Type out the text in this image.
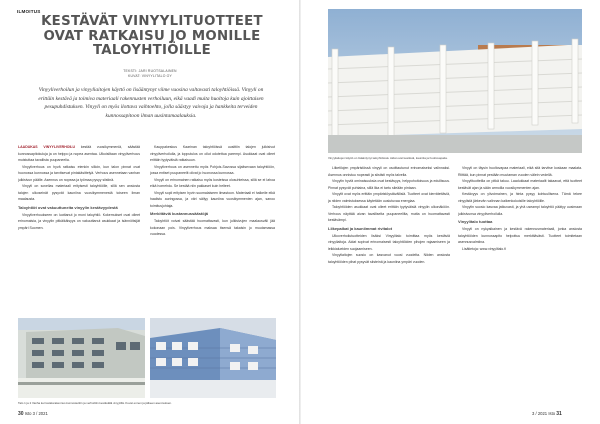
ILMOITUS
KESTÄVÄT VINYYLITUOTTEET OVAT RATKAISU JO MONILLE TALOYHTIÖILLE
TEKSTI: JARI RUOTSALAINEN
KUVAT: VINYYLITALO OY
Vinyyliverhoilun ja vinyyliaitojen käyttö on lisääntynyt viime vuosina valtavasti taloyhtiöissä. Vinyyli on erittäin kestävä ja toimiva materiaali rakennusten verhoiluun, eikä vaadi muita huoltoja kuin ajoittaisen pesupuhdistuksen. Vinyyli on myös ilottava vaihtoehto, jolla säästyy vaivoja ja hankkeita terveiden kunnossapitoon ilman uusintamaalauksia.

LAADUKAS VINYYLIVERHOILU kestää vuosikymmeniä, säästää kunnossapitokuluja ja on helppo ja nopea asentaa. Ulkoisiltaan vinyyliverhous muistuttaa tavallista puupaneelia.

Vinyyliverhous on hyvä ratkaisu etenkin silloin, kun talon pinnat ovat huonossa kunnossa ja tarvitsevat pintakäsittelyä. Verhous asennetaan vanhan julkisivun päälle. Asennus on nopeaa ja työmaa pysyy siistinä.

Vinyyli on sovelias materiaali erityisesti taloyhtiöille, sillä sen ansiosta talojen ulkoseinät pysyvät kauniina vuosikymmenestä toiseen ilman maalausta.

Taloyhtiöt ovat vakuuttuneita vinyylin kestävyydestä

Vinyyliverhoukseen on luottanut jo moni taloyhtiö. Kokemukset ovat olleet erinomaisia, ja vinyylin pitkäikäisyys on vakuuttanut asukkaat ja isännöitsijät ympäri Suomen.

Kauppakeskus Kaarinan taloyhtiöissä uusittiin talojen julkisivut vinyyliverhoilulla, ja lopputulos on ollut odotettua parempi. Asukkaat ovat olleet erittäin tyytyväisiä ratkaisuun.

Vinyyliverhous on asennettu myös Pohjois-Savossa sijaitsevaan taloyhtiöön, jossa entiset puupaneelit olivat jo huonossa kunnossa.

Vinyyli on erinomainen ratkaisu myös kosteissa olosuhteissa, sillä se ei lahoa eikä homehdu. Se kestää niin pakkaset kuin helteet.

Vinyyli sopii erityisen hyvin suomalaiseen ilmastoon. Materiaali ei halkeile eikä haalistu auringossa, ja väri säilyy kauniina vuosikymmenien ajan, sanoo toimitusjohtaja.

Merkittäviä kustannussäästöjä

Taloyhtiöt voivat säästää huomattavasti, kun julkisivujen maalausväli jää kokonaan pois. Vinyyliverhous maksaa itsensä takaisin jo muutamassa vuodessa.

Talo 1 ja 2 Vanha kerrostalorakennus kunnostettiin ja verhoiltiin kestävällä vinyylillä. Kuvat ennen ja jälkeen asennuksen.
30 Isto 3 / 2021
Vinyyliaitojen käyttö on lisääntynyt taloyhtiöissä. Aidat ovat kestäviä, kauniita ja huoltovapaita.

Liiketilojen ympäristössä vinyyli on osoittautunut erinomaiseksi valinnaksi. Asennus onnistuu nopeasti ja siististi myös talvella.

Vinyylin hyviä ominaisuuksia ovat kestävyys, helppohoitoisuus ja edullisuus. Pinnat pysyvät puhtaina, sillä lika ei tartu sileään pintaan.

Vinyylit ovat myös erittäin ympäristöystävällisiä. Tuotteet ovat kierrätettäviä, ja niiden valmistuksessa käytetään uusiutuvaa energiaa.

Taloyhtiöiden asukkaat ovat olleet erittäin tyytyväisiä vinyylin ulkonäköön. Verhous näyttää aivan tavalliselta puupaneelilta, mutta on huomattavasti kestävämpi.

Liikepaikat ja kauniimmat rivitalot

Ulkoverhoilutuotteiden lisäksi Vinyylitalo toimittaa myös kestäviä vinyyliaitoja. Aidat sopivat erinomaisesti taloyhtiöiden pihojen rajaamiseen ja leikkialueiden suojaamiseen.

Vinyyliaitojen suosio on kasvanut vuosi vuodelta. Niiden ansiosta taloyhtiöiden pihat pysyvät siisteinä ja kauniina ympäri vuoden.

Vinyyli on täysin huoltovapaa materiaali, eikä sitä tarvitse koskaan maalata. Riittää, kun pinnat pestään muutaman vuoden välein vedellä.

Vinyylituotteilla on pitkä takuu. Laadukkaat materiaalit takaavat, että tuotteet kestävät ajan ja sään armoilla vuosikymmenten ajan.

Kestävyys on ylivoimainen, ja hinta pysyy kohtuullisena. Tämä tekee vinyylistä järkevän valinnan kaikenkokoisille taloyhtiöille.

Vinyylin suosio kasvaa jatkuvasti, ja yhä useampi taloyhtiö päätyy uusimaan julkisivunsa vinyyliverhoilulla.

Vinyylitalo tuottaa

Vinyyli on nykyaikainen ja kestävä rakennusmateriaali, jonka ansiosta taloyhtiöiden kunnossapito helpottuu merkittävästi. Tuotteet toimitetaan asennusvalmiina.

Lisätietoja: www.vinyylitalo.fi

3 / 2021 Isto 31
